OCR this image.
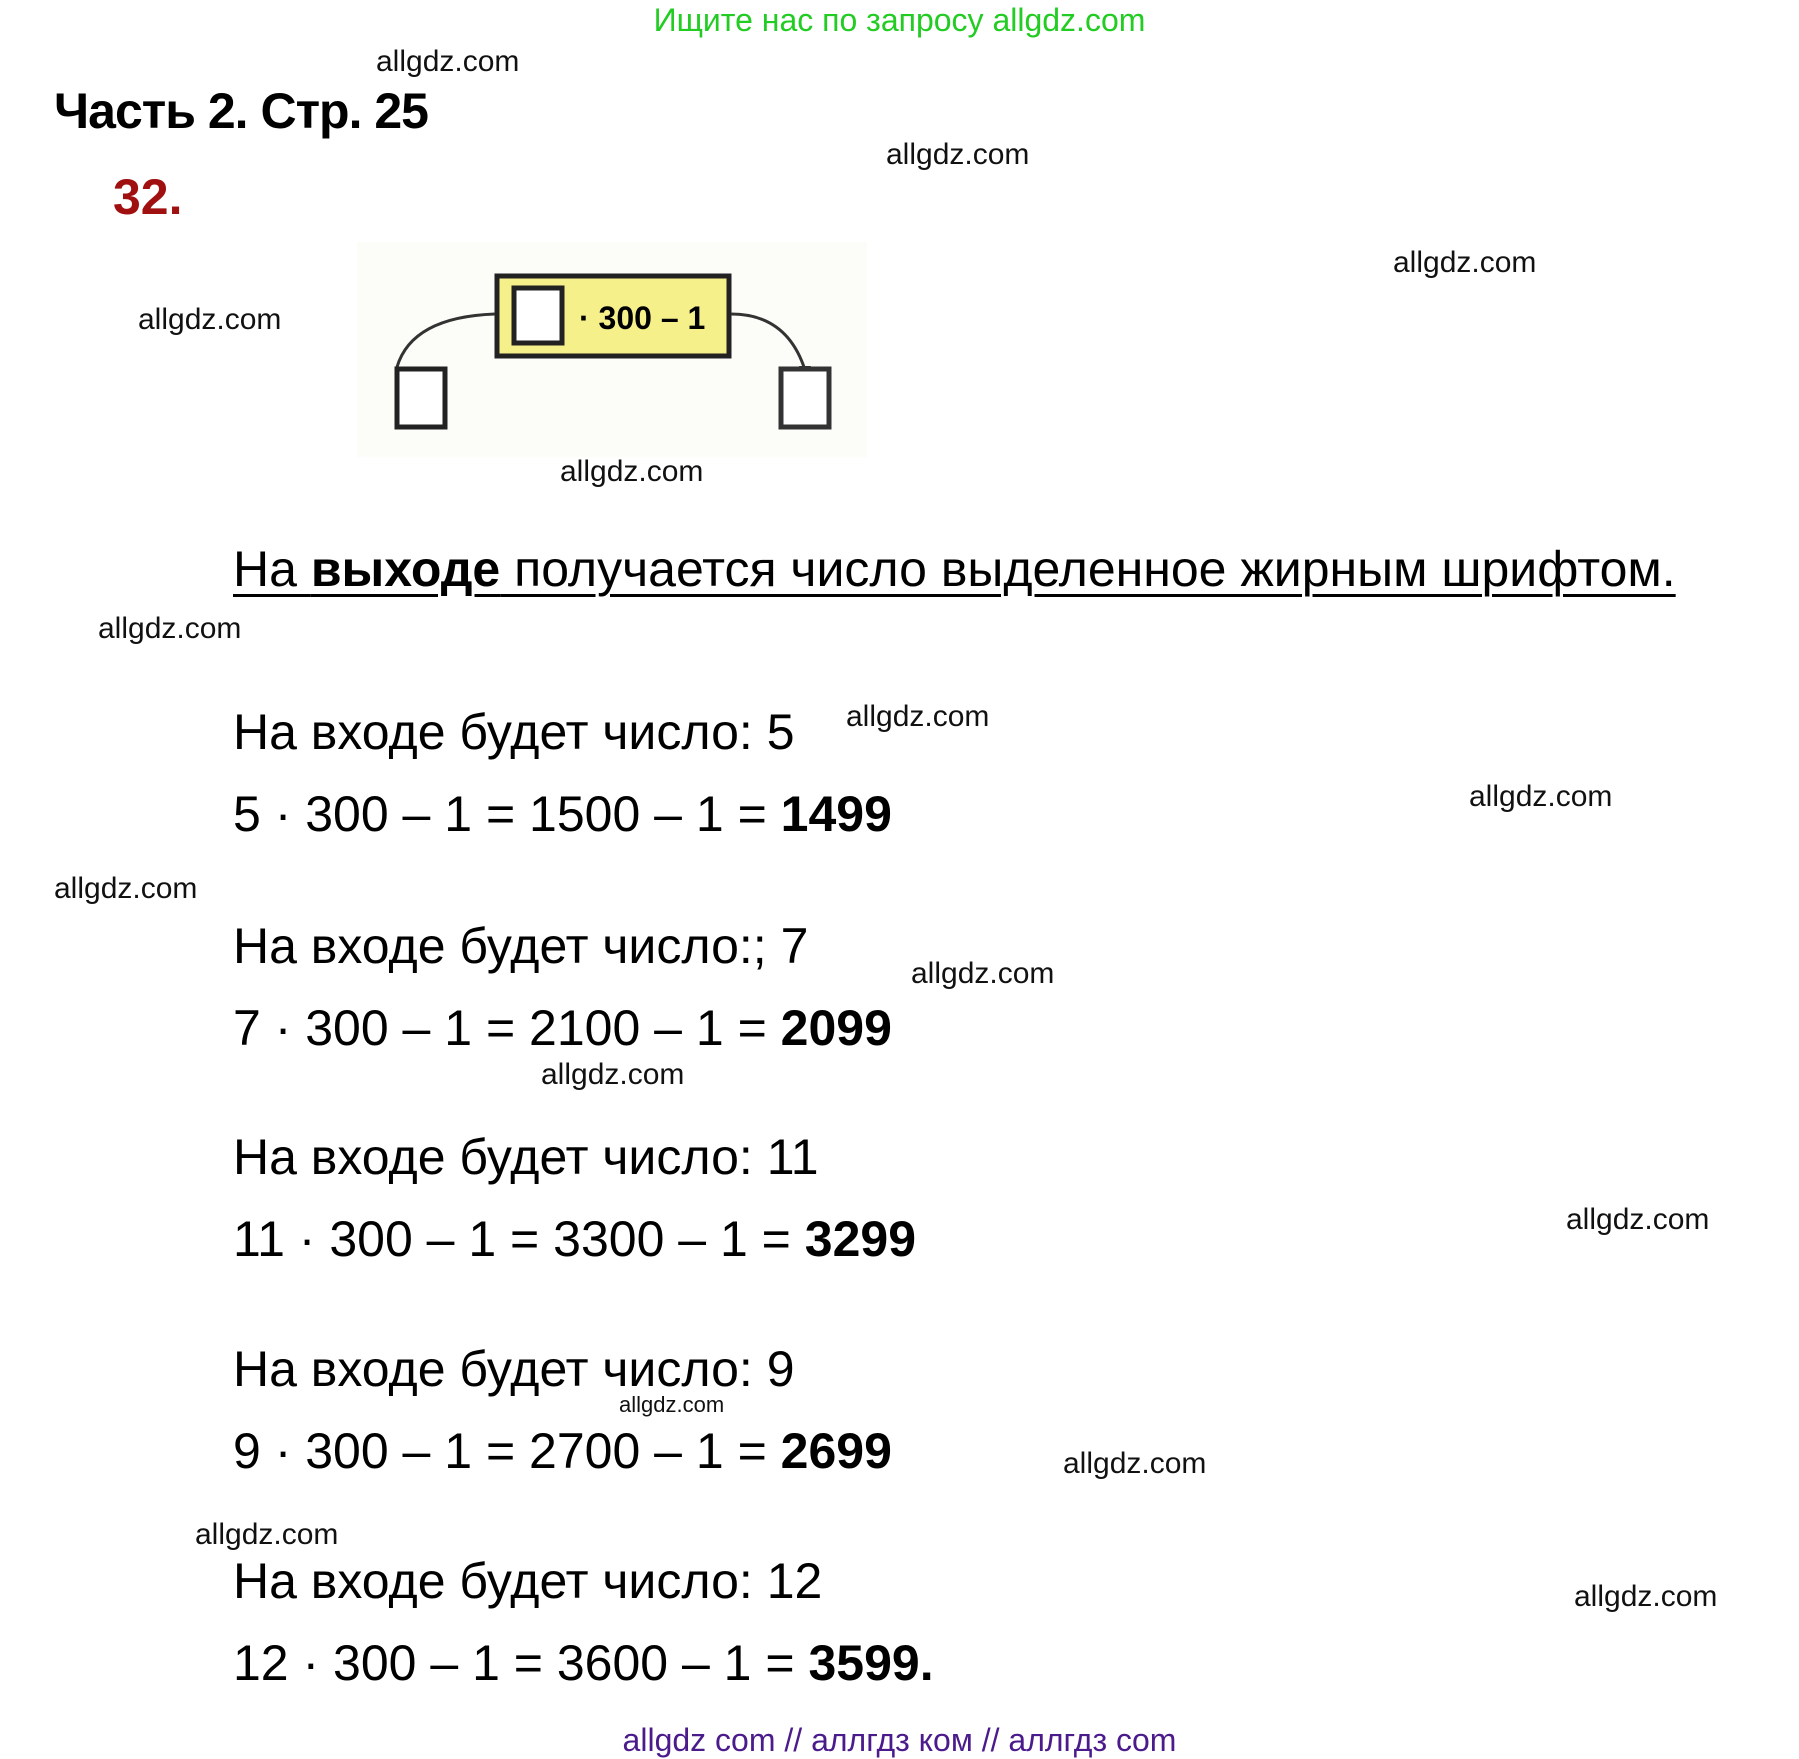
Ищите нас по запросу allgdz.com
Часть 2. Стр. 25
32.
· 300 – 1
На выходе получается число выделенное жирным шрифтом.
На входе будет число: 5
5 · 300 – 1 = 1500 – 1 = 1499
На входе будет число:; 7
7 · 300 – 1 = 2100 – 1 = 2099
На входе будет число: 11
11 · 300 – 1 = 3300 – 1 = 3299
На входе будет число: 9
9 · 300 – 1 = 2700 – 1 = 2699
На входе будет число: 12
12 · 300 – 1 = 3600 – 1 = 3599.
allgdz.com
allgdz.com
allgdz.com
allgdz.com
allgdz.com
allgdz.com
allgdz.com
allgdz.com
allgdz.com
allgdz.com
allgdz.com
allgdz.com
allgdz.com
allgdz.com
allgdz.com
allgdz.com
allgdz com // аллгдз ком // аллгдз com
